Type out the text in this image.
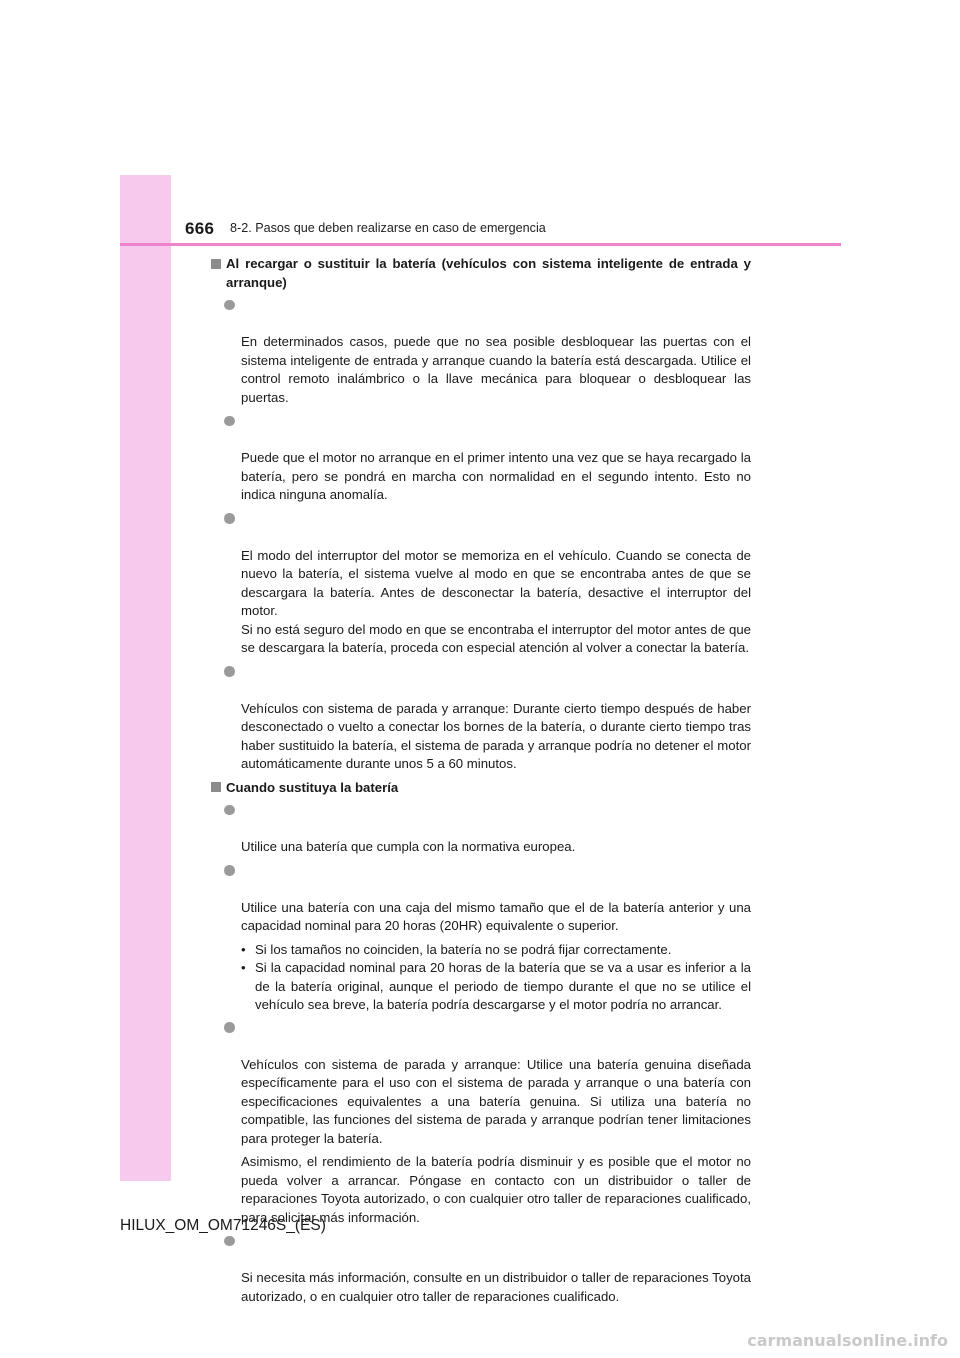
666 8-2. Pasos que deben realizarse en caso de emergencia
Al recargar o sustituir la batería (vehículos con sistema inteligente de entrada y arranque)

En determinados casos, puede que no sea posible desbloquear las puertas con el sistema inteligente de entrada y arranque cuando la batería está descargada. Utilice el control remoto inalámbrico o la llave mecánica para bloquear o desbloquear las puertas.

Puede que el motor no arranque en el primer intento una vez que se haya recargado la batería, pero se pondrá en marcha con normalidad en el segundo intento. Esto no indica ninguna anomalía.

El modo del interruptor del motor se memoriza en el vehículo. Cuando se conecta de nuevo la batería, el sistema vuelve al modo en que se encontraba antes de que se descargara la batería. Antes de desconectar la batería, desactive el interruptor del motor.
Si no está seguro del modo en que se encontraba el interruptor del motor antes de que se descargara la batería, proceda con especial atención al volver a conectar la batería.

Vehículos con sistema de parada y arranque: Durante cierto tiempo después de haber desconectado o vuelto a conectar los bornes de la batería, o durante cierto tiempo tras haber sustituido la batería, el sistema de parada y arranque podría no detener el motor automáticamente durante unos 5 a 60 minutos.

Cuando sustituya la batería

Utilice una batería que cumpla con la normativa europea.

Utilice una batería con una caja del mismo tamaño que el de la batería anterior y una capacidad nominal para 20 horas (20HR) equivalente o superior.

• Si los tamaños no coinciden, la batería no se podrá fijar correctamente.
• Si la capacidad nominal para 20 horas de la batería que se va a usar es inferior a la de la batería original, aunque el periodo de tiempo durante el que no se utilice el vehículo sea breve, la batería podría descargarse y el motor podría no arrancar.

Vehículos con sistema de parada y arranque: Utilice una batería genuina diseñada específicamente para el uso con el sistema de parada y arranque o una batería con especificaciones equivalentes a una batería genuina. Si utiliza una batería no compatible, las funciones del sistema de parada y arranque podrían tener limitaciones para proteger la batería.

Asimismo, el rendimiento de la batería podría disminuir y es posible que el motor no pueda volver a arrancar. Póngase en contacto con un distribuidor o taller de reparaciones Toyota autorizado, o con cualquier otro taller de reparaciones cualificado, para solicitar más información.

Si necesita más información, consulte en un distribuidor o taller de reparaciones Toyota autorizado, o en cualquier otro taller de reparaciones cualificado.

HILUX_OM_OM71246S_(ES)
carmanualsonline.info
